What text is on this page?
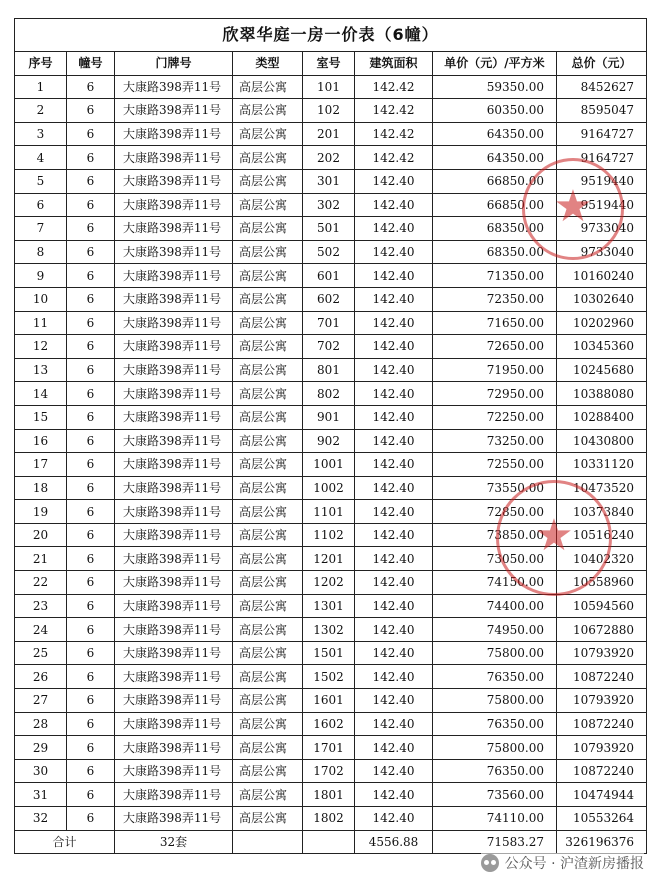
欣翠华庭一房一价表（6幢）							
序号	幢号	门牌号	类型	室号	建筑面积	单价（元）/平方米	总价（元）
1	6	大康路398弄11号	高层公寓	101	142.42	59350.00	8452627
2	6	大康路398弄11号	高层公寓	102	142.42	60350.00	8595047
3	6	大康路398弄11号	高层公寓	201	142.42	64350.00	9164727
4	6	大康路398弄11号	高层公寓	202	142.42	64350.00	9164727
5	6	大康路398弄11号	高层公寓	301	142.40	66850.00	9519440
6	6	大康路398弄11号	高层公寓	302	142.40	66850.00	9519440
7	6	大康路398弄11号	高层公寓	501	142.40	68350.00	9733040
8	6	大康路398弄11号	高层公寓	502	142.40	68350.00	9733040
9	6	大康路398弄11号	高层公寓	601	142.40	71350.00	10160240
10	6	大康路398弄11号	高层公寓	602	142.40	72350.00	10302640
11	6	大康路398弄11号	高层公寓	701	142.40	71650.00	10202960
12	6	大康路398弄11号	高层公寓	702	142.40	72650.00	10345360
13	6	大康路398弄11号	高层公寓	801	142.40	71950.00	10245680
14	6	大康路398弄11号	高层公寓	802	142.40	72950.00	10388080
15	6	大康路398弄11号	高层公寓	901	142.40	72250.00	10288400
16	6	大康路398弄11号	高层公寓	902	142.40	73250.00	10430800
17	6	大康路398弄11号	高层公寓	1001	142.40	72550.00	10331120
18	6	大康路398弄11号	高层公寓	1002	142.40	73550.00	10473520
19	6	大康路398弄11号	高层公寓	1101	142.40	72850.00	10373840
20	6	大康路398弄11号	高层公寓	1102	142.40	73850.00	10516240
21	6	大康路398弄11号	高层公寓	1201	142.40	73050.00	10402320
22	6	大康路398弄11号	高层公寓	1202	142.40	74150.00	10558960
23	6	大康路398弄11号	高层公寓	1301	142.40	74400.00	10594560
24	6	大康路398弄11号	高层公寓	1302	142.40	74950.00	10672880
25	6	大康路398弄11号	高层公寓	1501	142.40	75800.00	10793920
26	6	大康路398弄11号	高层公寓	1502	142.40	76350.00	10872240
27	6	大康路398弄11号	高层公寓	1601	142.40	75800.00	10793920
28	6	大康路398弄11号	高层公寓	1602	142.40	76350.00	10872240
29	6	大康路398弄11号	高层公寓	1701	142.40	75800.00	10793920
30	6	大康路398弄11号	高层公寓	1702	142.40	76350.00	10872240
31	6	大康路398弄11号	高层公寓	1801	142.40	73560.00	10474944
32	6	大康路398弄11号	高层公寓	1802	142.40	74110.00	10553264
合计		32套			4556.88	71583.27	326196376
★
★
公众号 · 沪渣新房播报
